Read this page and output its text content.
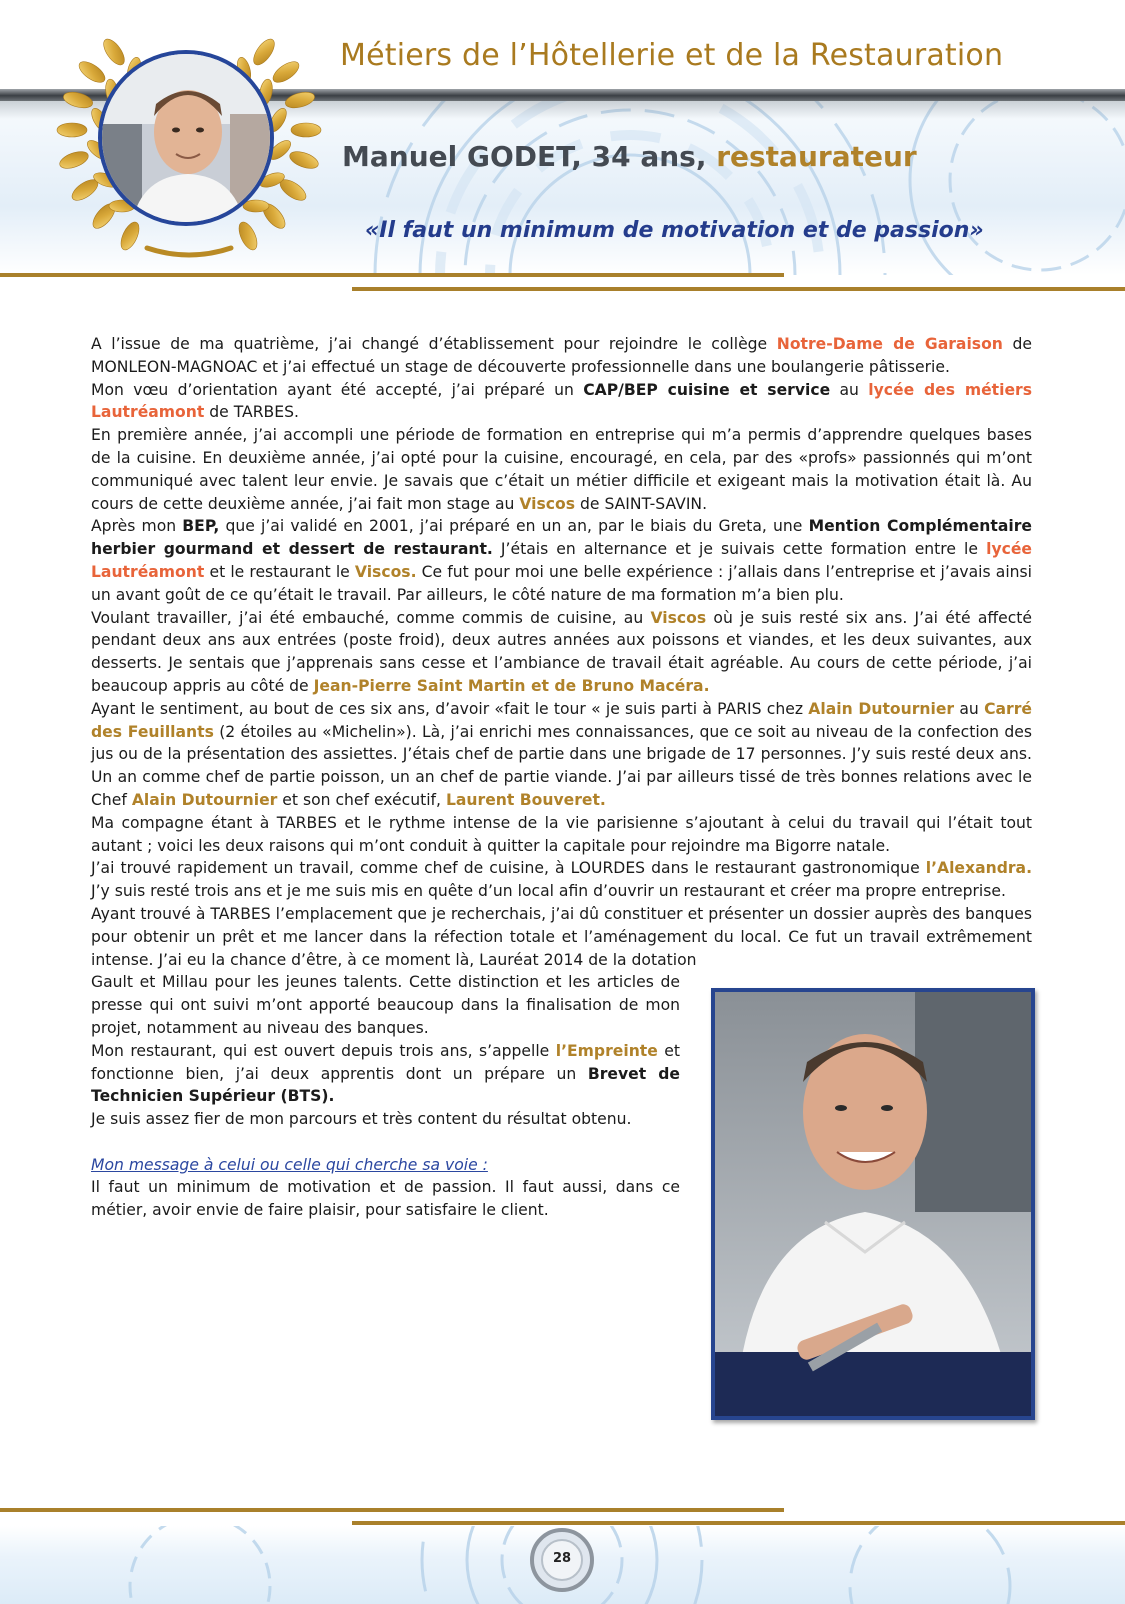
Métiers de l’Hôtellerie et de la Restauration
Manuel GODET, 34 ans, restaurateur
«Il faut un minimum de motivation et de passion»

A l’issue de ma quatrième, j’ai changé d’établissement pour rejoindre le collège Notre-Dame de Garaison de MONLEON-MAGNOAC et j’ai effectué un stage de découverte professionnelle dans une boulangerie pâtisserie.

Mon vœu d’orientation ayant été accepté, j’ai préparé un CAP/BEP cuisine et service au lycée des métiers Lautréamont de TARBES.

En première année, j’ai accompli une période de formation en entreprise qui m’a permis d’apprendre quelques bases de la cuisine. En deuxième année, j’ai opté pour la cuisine, encouragé, en cela, par des «profs» passionnés qui m’ont communiqué avec talent leur envie. Je savais que c’était un métier difficile et exigeant mais la motivation était là. Au cours de cette deuxième année, j’ai fait mon stage au Viscos de SAINT-SAVIN.

Après mon BEP, que j’ai validé en 2001, j’ai préparé en un an, par le biais du Greta, une Mention Complémentaire herbier gourmand et dessert de restaurant. J’étais en alternance et je suivais cette formation entre le lycée Lautréamont et le restaurant le Viscos. Ce fut pour moi une belle expérience : j’allais dans l’entreprise et j’avais ainsi un avant goût de ce qu’était le travail. Par ailleurs, le côté nature de ma formation m’a bien plu.

Voulant travailler, j’ai été embauché, comme commis de cuisine, au Viscos où je suis resté six ans. J’ai été affecté pendant deux ans aux entrées (poste froid), deux autres années aux poissons et viandes, et les deux suivantes, aux desserts. Je sentais que j’apprenais sans cesse et l’ambiance de travail était agréable. Au cours de cette période, j’ai beaucoup appris au côté de Jean-Pierre Saint Martin et de Bruno Macéra.

Ayant le sentiment, au bout de ces six ans, d’avoir «fait le tour « je suis parti à PARIS chez Alain Dutournier au Carré des Feuillants (2 étoiles au «Michelin»). Là, j’ai enrichi mes connaissances, que ce soit au niveau de la confection des jus ou de la présentation des assiettes. J’étais chef de partie dans une brigade de 17 personnes. J’y suis resté deux ans. Un an comme chef de partie poisson, un an chef de partie viande. J’ai par ailleurs tissé de très bonnes relations avec le Chef Alain Dutournier et son chef exécutif, Laurent Bouveret.

Ma compagne étant à TARBES et le rythme intense de la vie parisienne s’ajoutant à celui du travail qui l’était tout autant ; voici les deux raisons qui m’ont conduit à quitter la capitale pour rejoindre ma Bigorre natale.

J’ai trouvé rapidement un travail, comme chef de cuisine, à LOURDES dans le restaurant gastronomique l’Alexandra. J’y suis resté trois ans et je me suis mis en quête d’un local afin d’ouvrir un restaurant et créer ma propre entreprise.

Ayant trouvé à TARBES l’emplacement que je recherchais, j’ai dû constituer et présenter un dossier auprès des banques pour obtenir un prêt et me lancer dans la réfection totale et l’aménagement du local. Ce fut un travail extrêmement intense. J’ai eu la chance d’être, à ce moment là, Lauréat 2014 de la dotation

Gault et Millau pour les jeunes talents. Cette distinction et les articles de presse qui ont suivi m’ont apporté beaucoup dans la finalisation de mon projet, notamment au niveau des banques.

Mon restaurant, qui est ouvert depuis trois ans, s’appelle l’Empreinte et fonctionne bien, j’ai deux apprentis dont un prépare un Brevet de Technicien Supérieur (BTS).

Je suis assez fier de mon parcours et très content du résultat obtenu.

Mon message à celui ou celle qui cherche sa voie :

Il faut un minimum de motivation et de passion. Il faut aussi, dans ce métier, avoir envie de faire plaisir, pour satisfaire le client.

28
